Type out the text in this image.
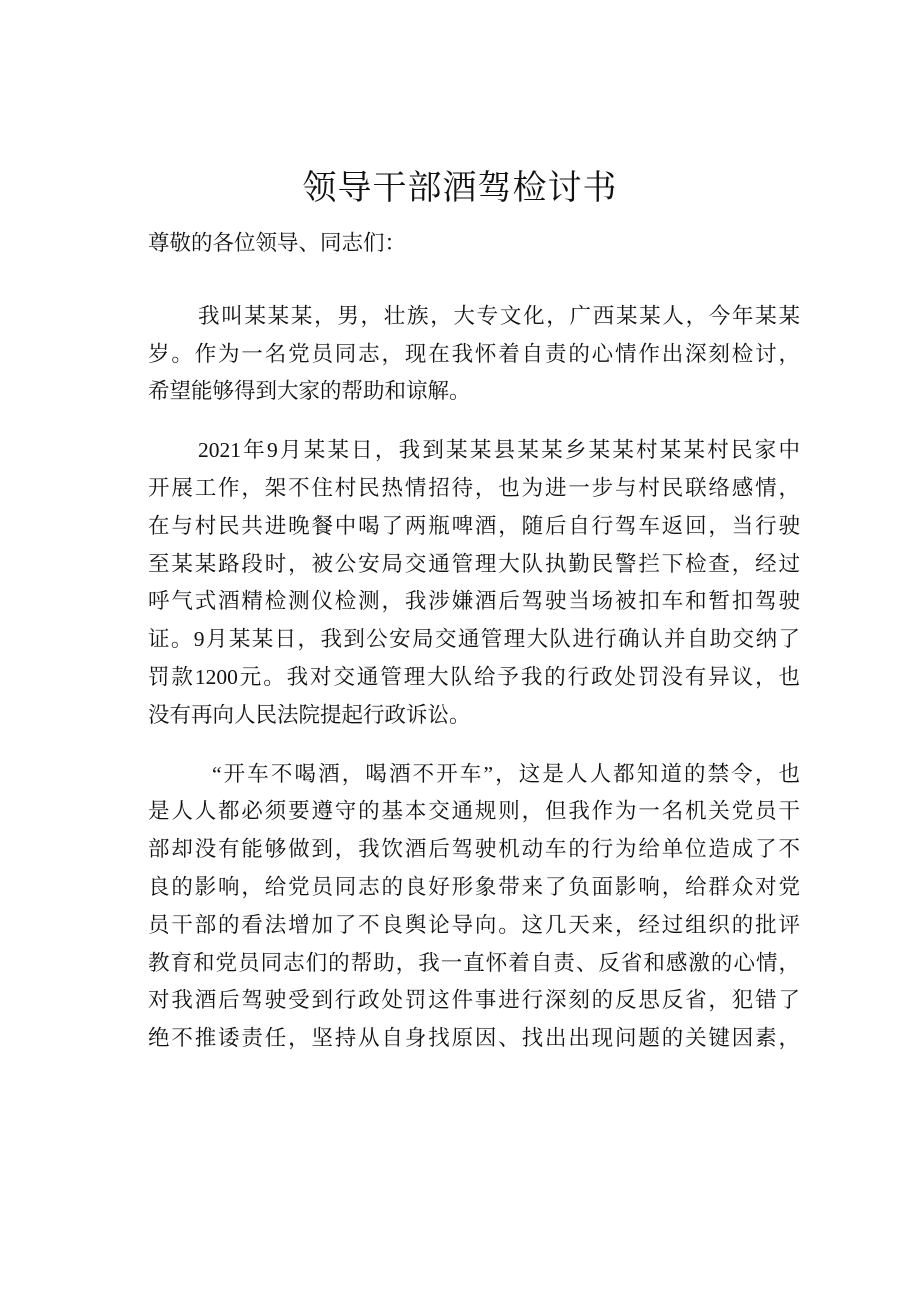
领导干部酒驾检讨书
尊敬的各位领导、同志们：
我叫某某某，男，壮族，大专文化，广西某某人，今年某某
岁。作为一名党员同志，现在我怀着自责的心情作出深刻检讨，
希望能够得到大家的帮助和谅解。
2021年9月某某日，我到某某县某某乡某某村某某村民家中
开展工作，架不住村民热情招待，也为进一步与村民联络感情，
在与村民共进晚餐中喝了两瓶啤酒，随后自行驾车返回，当行驶
至某某路段时，被公安局交通管理大队执勤民警拦下检查，经过
呼气式酒精检测仪检测，我涉嫌酒后驾驶当场被扣车和暂扣驾驶
证。9月某某日，我到公安局交通管理大队进行确认并自助交纳了
罚款1200元。我对交通管理大队给予我的行政处罚没有异议，也
没有再向人民法院提起行政诉讼。
“开车不喝酒，喝酒不开车”，这是人人都知道的禁令，也
是人人都必须要遵守的基本交通规则，但我作为一名机关党员干
部却没有能够做到，我饮酒后驾驶机动车的行为给单位造成了不
良的影响，给党员同志的良好形象带来了负面影响，给群众对党
员干部的看法增加了不良舆论导向。这几天来，经过组织的批评
教育和党员同志们的帮助，我一直怀着自责、反省和感激的心情，
对我酒后驾驶受到行政处罚这件事进行深刻的反思反省，犯错了
绝不推诿责任，坚持从自身找原因、找出出现问题的关键因素，
